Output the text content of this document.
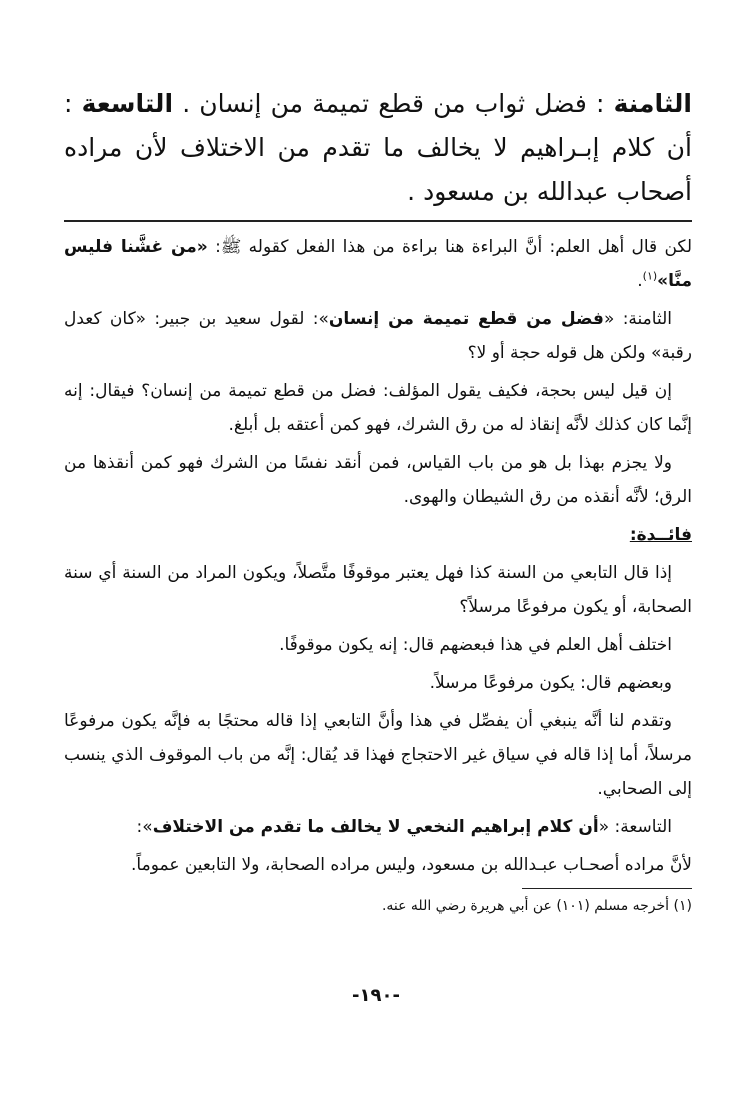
الثامنة : فضل ثواب من قطع تميمة من إنسان . التاسعة : أن كلام إبـراهيم لا يخالف ما تقدم من الاختلاف لأن مراده أصحاب عبدالله بن مسعود .

لكن قال أهل العلم: أنَّ البراءة هنا براءة من هذا الفعل كقوله ﷺ: «من غشَّنا فليس منَّا»$^{(١)}$.

الثامنة: «فضل من قطع تميمة من إنسان»: لقول سعيد بن جبير: «كان كعدل رقبة» ولكن هل قوله حجة أو لا؟

إن قيل ليس بحجة، فكيف يقول المؤلف: فضل من قطع تميمة من إنسان؟ فيقال: إنه إنَّما كان كذلك لأنَّه إنقاذ له من رق الشرك، فهو كمن أعتقه بل أبلغ.

ولا يجزم بهذا بل هو من باب القياس، فمن أنقد نفسًا من الشرك فهو كمن أنقذها من الرق؛ لأنَّه أنقذه من رق الشيطان والهوى.

فائــدة:

إذا قال التابعي من السنة كذا فهل يعتبر موقوفًا متَّصلاً، ويكون المراد من السنة أي سنة الصحابة، أو يكون مرفوعًا مرسلاً؟

اختلف أهل العلم في هذا فبعضهم قال: إنه يكون موقوفًا.

وبعضهم قال: يكون مرفوعًا مرسلاً.

وتقدم لنا أنَّه ينبغي أن يفصِّل في هذا وأنَّ التابعي إذا قاله محتجًا به فإنَّه يكون مرفوعًا مرسلاً، أما إذا قاله في سياق غير الاحتجاج فهذا قد يُقال: إنَّه من باب الموقوف الذي ينسب إلى الصحابي.

التاسعة: «أن كلام إبراهيم النخعي لا يخالف ما تقدم من الاختلاف»:

لأنَّ مراده أصحـاب عبـدالله بن مسعود، وليس مراده الصحابة، ولا التابعين عموماً.

(١) أخرجه مسلم (١٠١) عن أبي هريرة رضي الله عنه.

-١٩٠-
